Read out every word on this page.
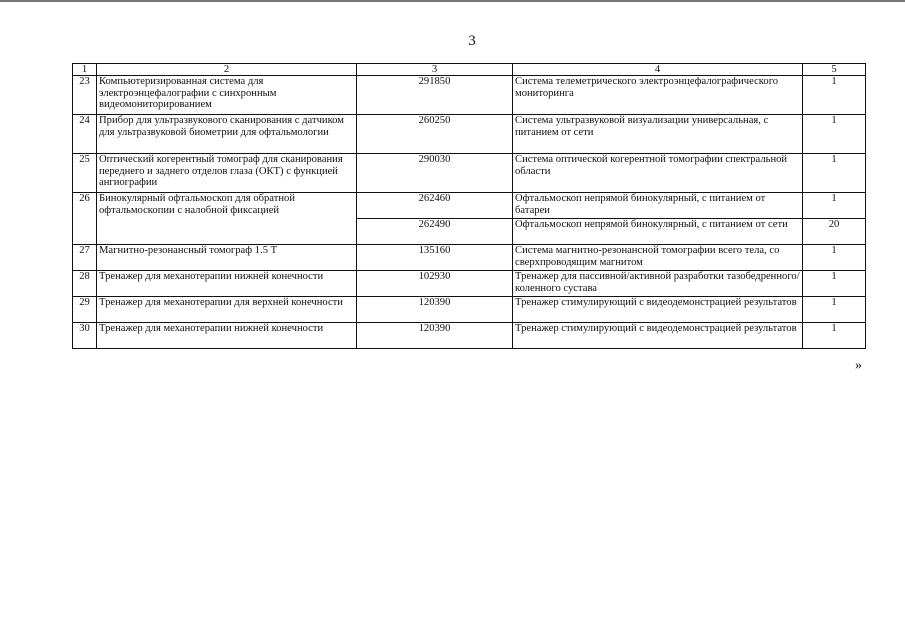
3
1	2	3	4	5
23	Компьютеризированная система для электроэнцефалографии с синхронным видеомониторированием	291850	Система телеметрического электроэнцефалографического мониторинга	1
24	Прибор для ультразвукового сканирования с датчиком для ультразвуковой биометрии для офтальмологии	260250	Система ультразвуковой визуализации универсальная, с питанием от сети	1
25	Оптический когерентный томограф для сканирования переднего и заднего отделов глаза (ОКТ) с функцией ангиографии	290030	Система оптической когерентной томографии спектральной области	1
26	Бинокулярный офтальмоскоп для обратной офтальмоскопии с налобной фиксацией	262460	Офтальмоскоп непрямой бинокулярный, с питанием от батареи	1
		262490	Офтальмоскоп непрямой бинокулярный, с питанием от сети	20
27	Магнитно-резонансный томограф 1.5 Т	135160	Система магнитно-резонансной томографии всего тела, со сверхпроводящим магнитом	1
28	Тренажер для механотерапии нижней конечности	102930	Тренажер для пассивной/активной разработки тазобедренного/коленного сустава	1
29	Тренажер для механотерапии для верхней конечности	120390	Тренажер стимулирующий с видеодемонстрацией результатов	1
30	Тренажер для механотерапии нижней конечности	120390	Тренажер стимулирующий с видеодемонстрацией результатов	1
»
